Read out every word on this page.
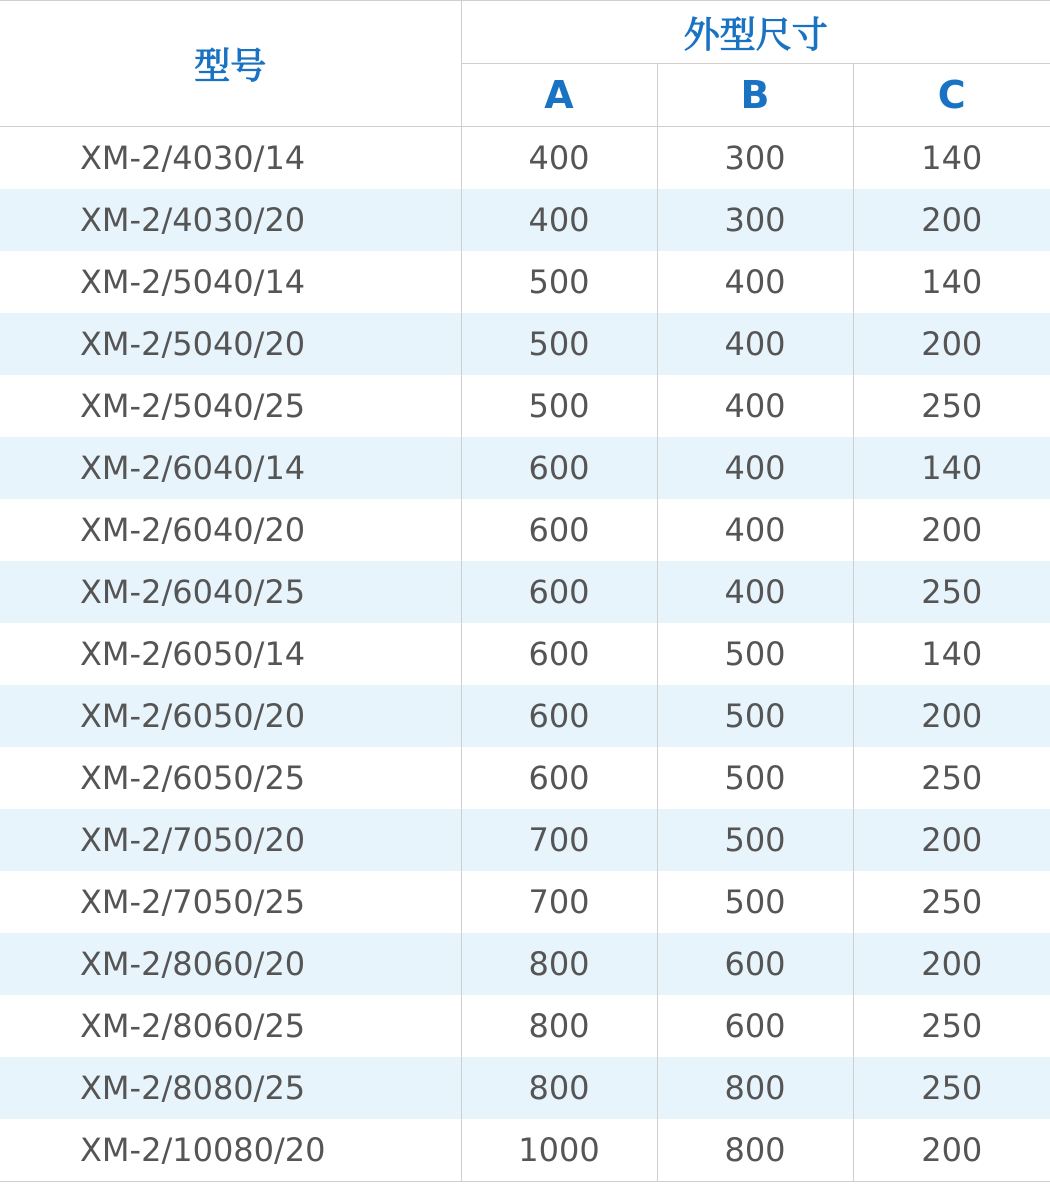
型号	外型尺寸		
	A	B	C
XM-2/4030/14	400	300	140
XM-2/4030/20	400	300	200
XM-2/5040/14	500	400	140
XM-2/5040/20	500	400	200
XM-2/5040/25	500	400	250
XM-2/6040/14	600	400	140
XM-2/6040/20	600	400	200
XM-2/6040/25	600	400	250
XM-2/6050/14	600	500	140
XM-2/6050/20	600	500	200
XM-2/6050/25	600	500	250
XM-2/7050/20	700	500	200
XM-2/7050/25	700	500	250
XM-2/8060/20	800	600	200
XM-2/8060/25	800	600	250
XM-2/8080/25	800	800	250
XM-2/10080/20	1000	800	200
